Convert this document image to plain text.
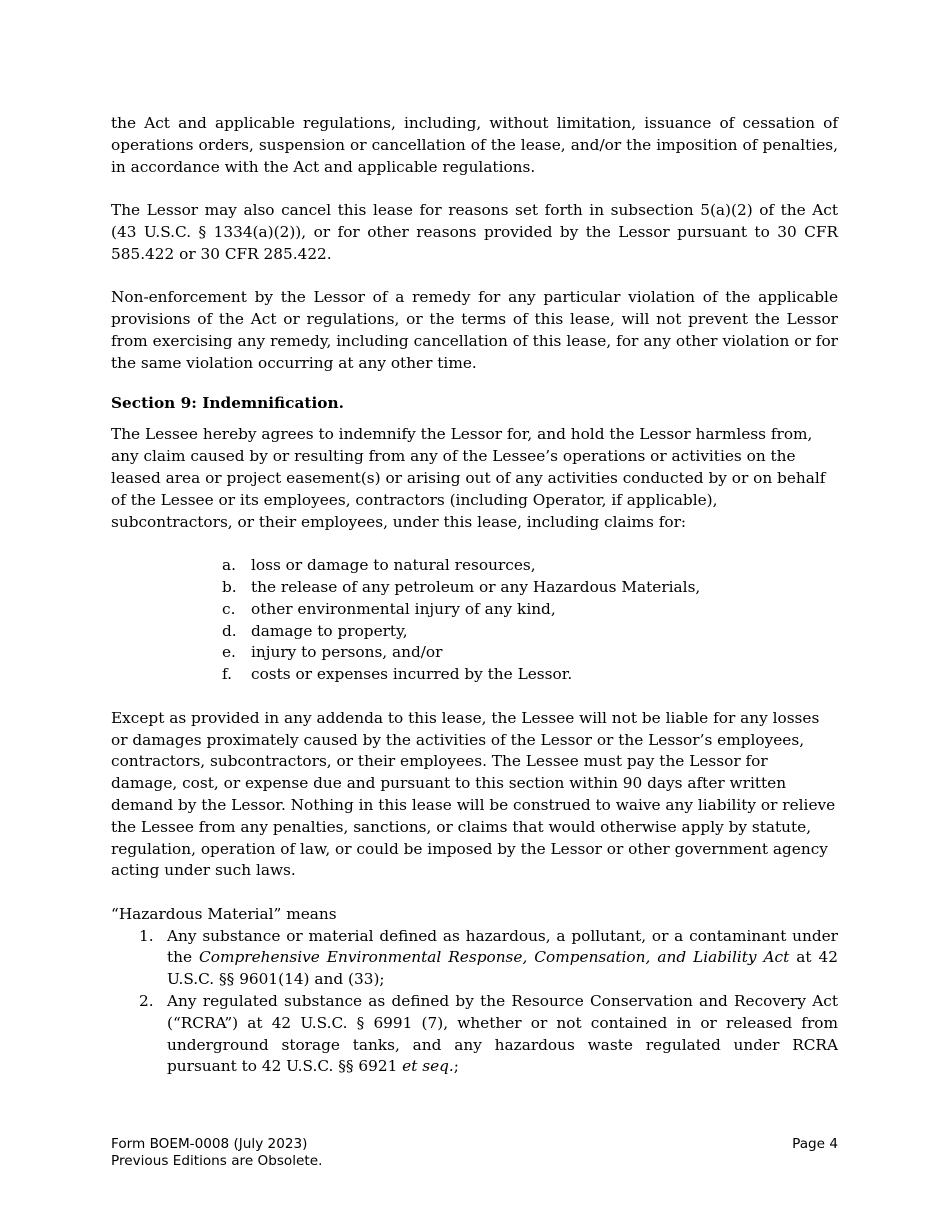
the Act and applicable regulations, including, without limitation, issuance of cessation of operations orders, suspension or cancellation of the lease, and/or the imposition of penalties, in accordance with the Act and applicable regulations.

The Lessor may also cancel this lease for reasons set forth in subsection 5(a)(2) of the Act (43 U.S.C. § 1334(a)(2)), or for other reasons provided by the Lessor pursuant to 30 CFR 585.422 or 30 CFR 285.422.

Non-enforcement by the Lessor of a remedy for any particular violation of the applicable provisions of the Act or regulations, or the terms of this lease, will not prevent the Lessor from exercising any remedy, including cancellation of this lease, for any other violation or for the same violation occurring at any other time.

Section 9: Indemnification.

The Lessee hereby agrees to indemnify the Lessor for, and hold the Lessor harmless from, any claim caused by or resulting from any of the Lessee’s operations or activities on the leased area or project easement(s) or arising out of any activities conducted by or on behalf of the Lessee or its employees, contractors (including Operator, if applicable), subcontractors, or their employees, under this lease, including claims for:

a. loss or damage to natural resources,
b. the release of any petroleum or any Hazardous Materials,
c.	other environmental injury of any kind,
d. damage to property,
e. injury to persons, and/or
f.	costs or expenses incurred by the Lessor.

Except as provided in any addenda to this lease, the Lessee will not be liable for any losses or damages proximately caused by the activities of the Lessor or the Lessor’s employees, contractors, subcontractors, or their employees. The Lessee must pay the Lessor for damage, cost, or expense due and pursuant to this section within 90 days after written demand by the Lessor. Nothing in this lease will be construed to waive any liability or relieve the Lessee from any penalties, sanctions, or claims that would otherwise apply by statute, regulation, operation of law, or could be imposed by the Lessor or other government agency acting under such laws.

“Hazardous Material” means

1. Any substance or material defined as hazardous, a pollutant, or a contaminant under the Comprehensive Environmental Response, Compensation, and Liability Act at 42 U.S.C. §§ 9601(14) and (33);
2. Any regulated substance as defined by the Resource Conservation and Recovery Act (“RCRA”) at 42 U.S.C. § 6991 (7), whether or not contained in or released from underground storage tanks, and any hazardous waste regulated under RCRA pursuant to 42 U.S.C. §§ 6921 et seq.;
Form BOEM-0008 (July 2023)	Page 4
Previous Editions are Obsolete.
